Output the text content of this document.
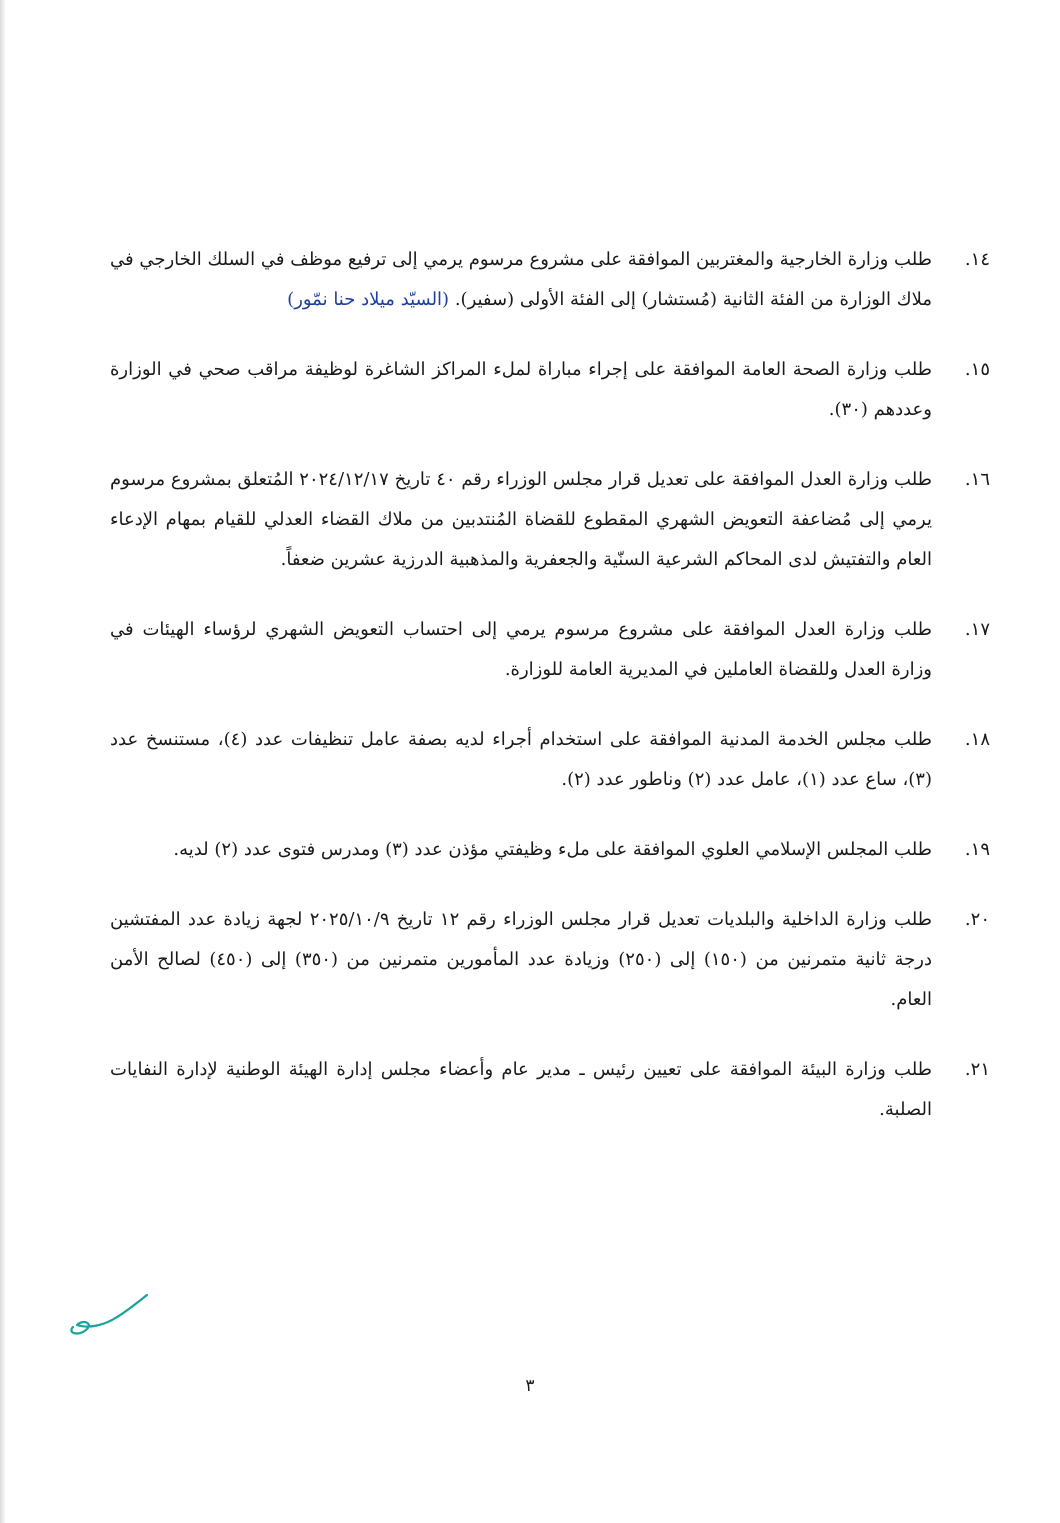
١٤.
طلب وزارة الخارجية والمغتربين الموافقة على مشروع مرسوم يرمي إلى ترفيع موظف في السلك الخارجي في ملاك الوزارة من الفئة الثانية (مُستشار) إلى الفئة الأولى (سفير). (السيّد ميلاد حنا نمّور)
١٥.
طلب وزارة الصحة العامة الموافقة على إجراء مباراة لملء المراكز الشاغرة لوظيفة مراقب صحي في الوزارة وعددهم (٣٠).
١٦.
طلب وزارة العدل الموافقة على تعديل قرار مجلس الوزراء رقم ٤٠ تاريخ ٢٠٢٤/١٢/١٧ المُتعلق بمشروع مرسوم يرمي إلى مُضاعفة التعويض الشهري المقطوع للقضاة المُنتدبين من ملاك القضاء العدلي للقيام بمهام الإدعاء العام والتفتيش لدى المحاكم الشرعية السنّية والجعفرية والمذهبية الدرزية عشرين ضعفاً.
١٧.
طلب وزارة العدل الموافقة على مشروع مرسوم يرمي إلى احتساب التعويض الشهري لرؤساء الهيئات في وزارة العدل وللقضاة العاملين في المديرية العامة للوزارة.
١٨.
طلب مجلس الخدمة المدنية الموافقة على استخدام أجراء لديه بصفة عامل تنظيفات عدد (٤)، مستنسخ عدد (٣)، ساع عدد (١)، عامل عدد (٢) وناطور عدد (٢).
١٩.
طلب المجلس الإسلامي العلوي الموافقة على ملء وظيفتي مؤذن عدد (٣) ومدرس فتوى عدد (٢) لديه.
٢٠.
طلب وزارة الداخلية والبلديات تعديل قرار مجلس الوزراء رقم ١٢ تاريخ ٢٠٢٥/١٠/٩ لجهة زيادة عدد المفتشين درجة ثانية متمرنين من (١٥٠) إلى (٢٥٠) وزيادة عدد المأمورين متمرنين من (٣٥٠) إلى (٤٥٠) لصالح الأمن العام.
٢١.
طلب وزارة البيئة الموافقة على تعيين رئيس ـ مدير عام وأعضاء مجلس إدارة الهيئة الوطنية لإدارة النفايات الصلبة.
٣
